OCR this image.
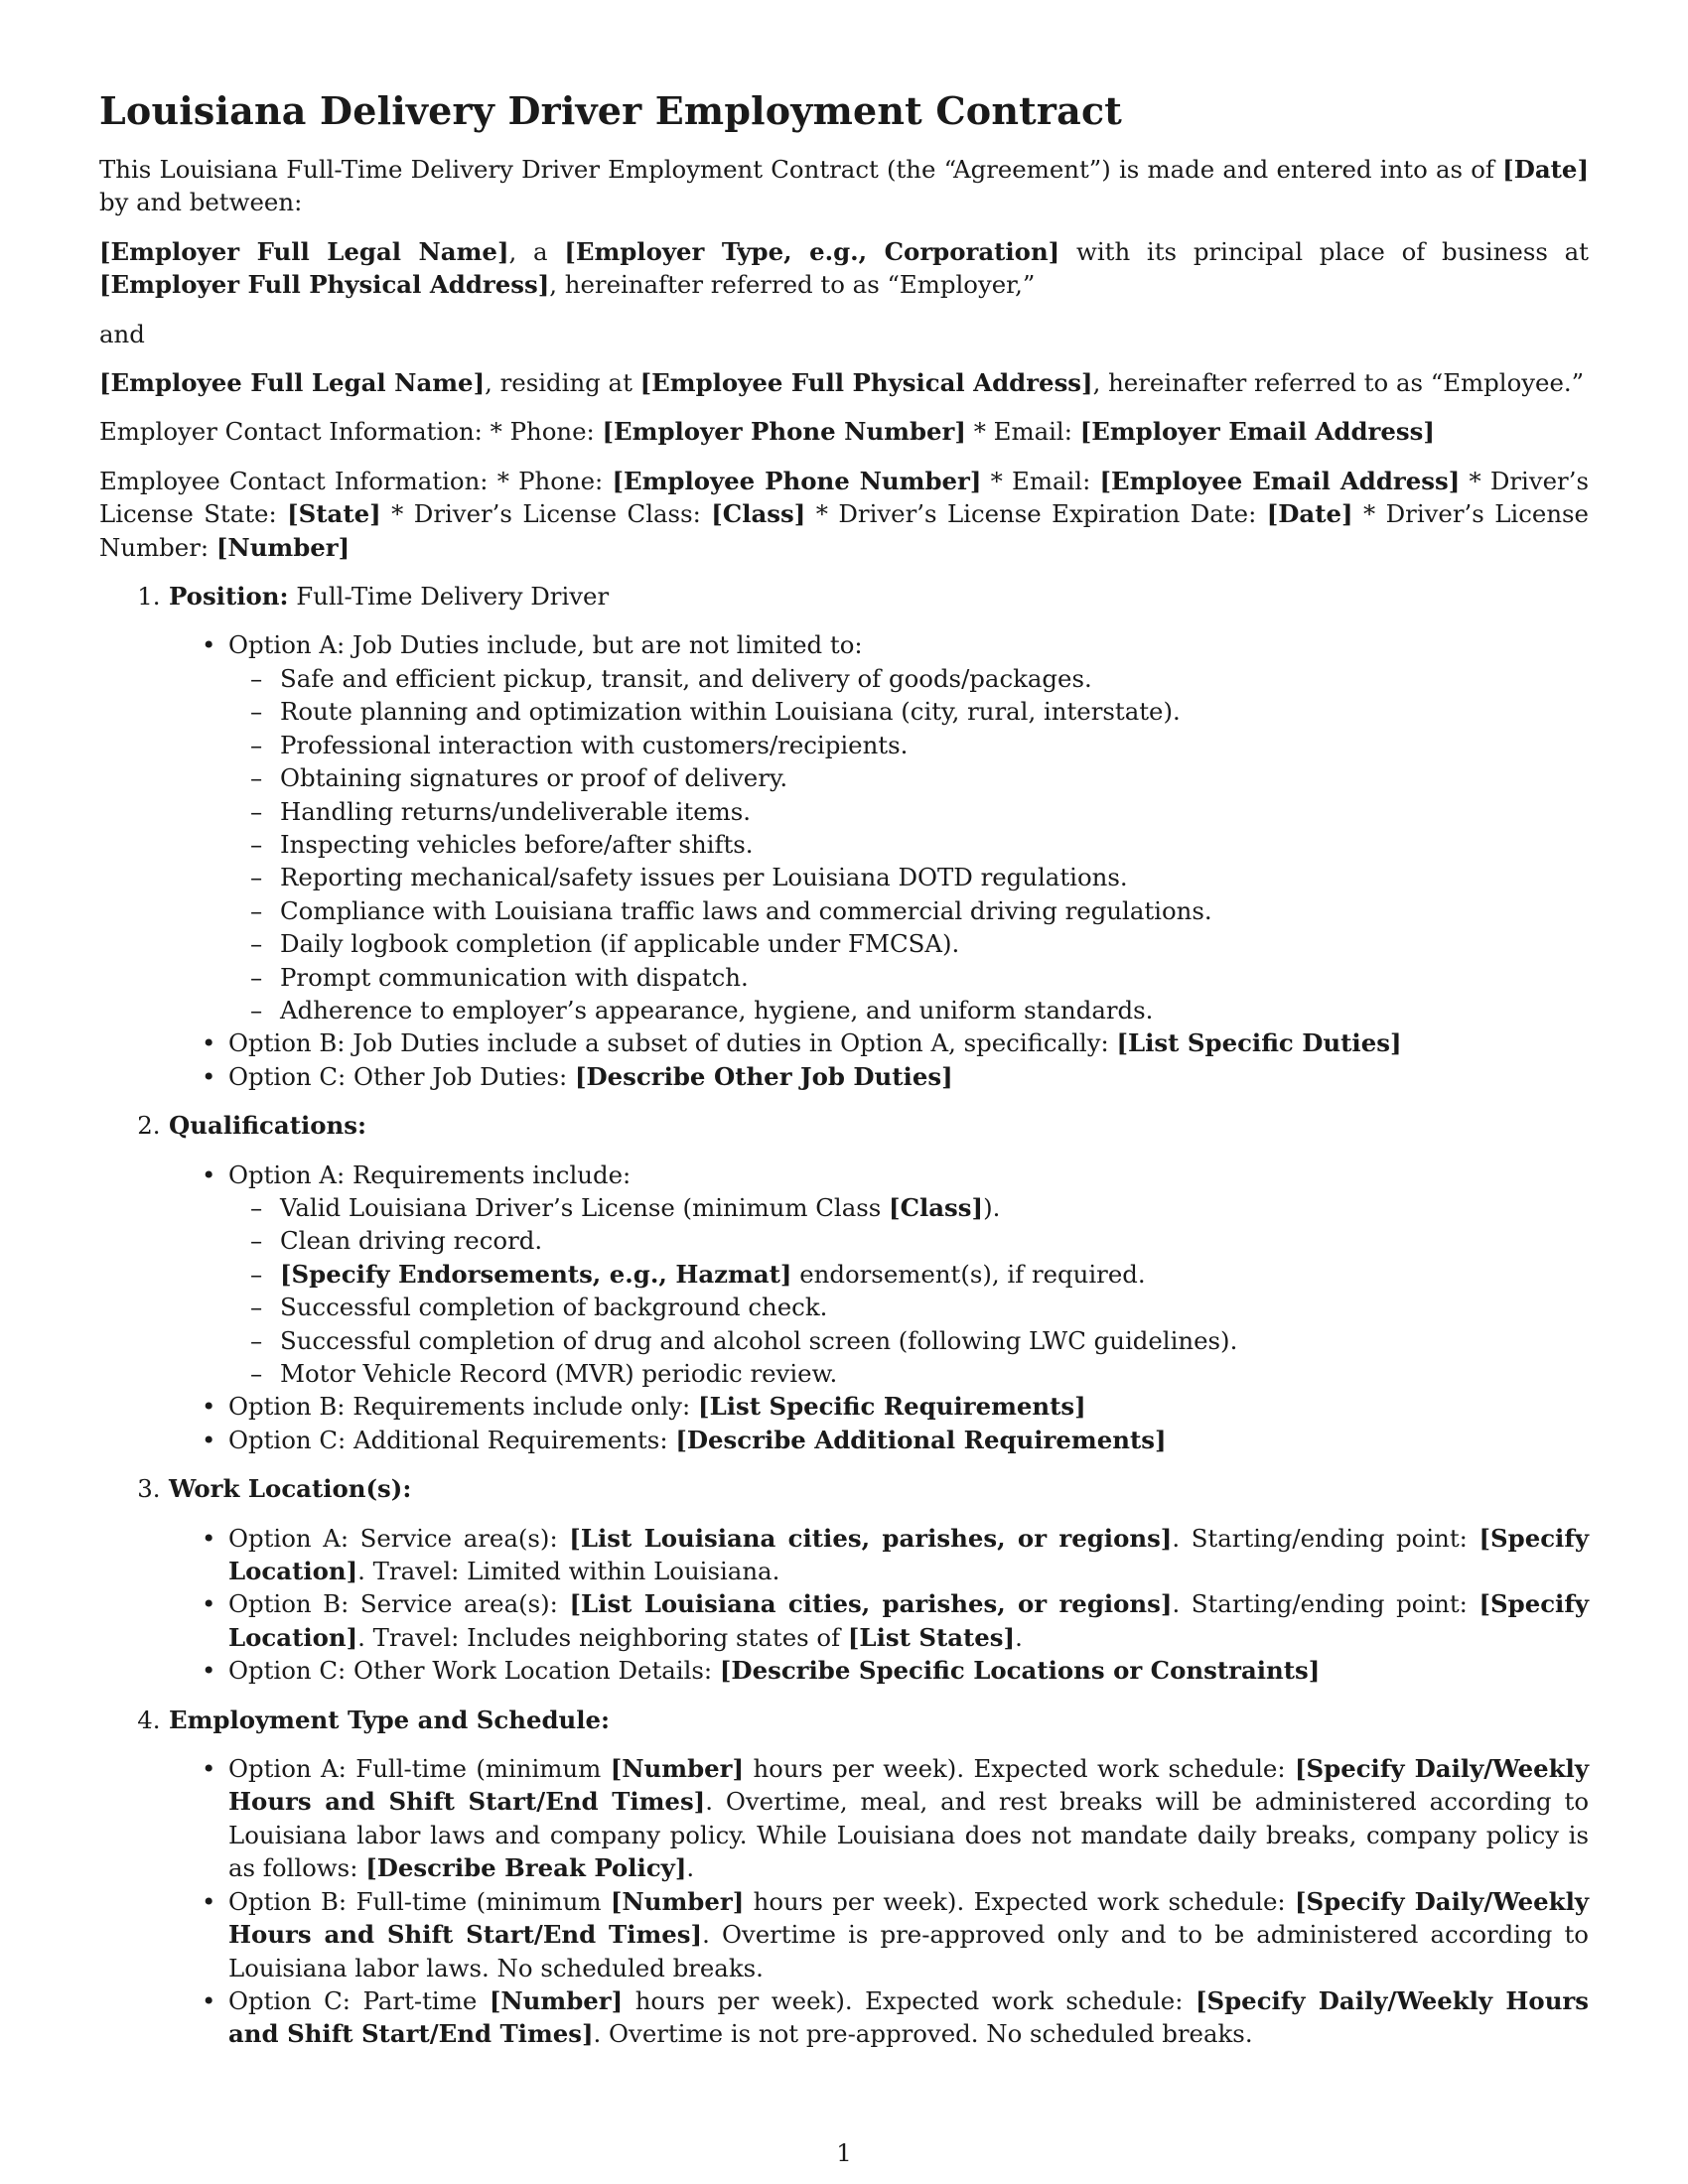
Louisiana Delivery Driver Employment Contract

This Louisiana Full-Time Delivery Driver Employment Contract (the “Agreement”) is made and entered into as of [Date] by and between:

[Employer Full Legal Name], a [Employer Type, e.g., Corporation] with its principal place of business at [Employer Full Physical Address], hereinafter referred to as “Employer,”

and

[Employee Full Legal Name], residing at [Employee Full Physical Address], hereinafter referred to as “Employee.”

Employer Contact Information: * Phone: [Employer Phone Number] * Email: [Employer Email Address]

Employee Contact Information: * Phone: [Employee Phone Number] * Email: [Employee Email Address] * Driver’s License State: [State] * Driver’s License Class: [Class] * Driver’s License Expiration Date: [Date] * Driver’s License Number: [Number]

1. Position: Full-Time Delivery Driver
• Option A: Job Duties include, but are not limited to:
– Safe and efficient pickup, transit, and delivery of goods/packages.
– Route planning and optimization within Louisiana (city, rural, interstate).
– Professional interaction with customers/recipients.
– Obtaining signatures or proof of delivery.
– Handling returns/undeliverable items.
– Inspecting vehicles before/after shifts.
– Reporting mechanical/safety issues per Louisiana DOTD regulations.
– Compliance with Louisiana traffic laws and commercial driving regulations.
– Daily logbook completion (if applicable under FMCSA).
– Prompt communication with dispatch.
– Adherence to employer’s appearance, hygiene, and uniform standards.
• Option B: Job Duties include a subset of duties in Option A, specifically: [List Specific Duties]
• Option C: Other Job Duties: [Describe Other Job Duties]
2. Qualifications:
• Option A: Requirements include:
– Valid Louisiana Driver’s License (minimum Class [Class]).
– Clean driving record.
– [Specify Endorsements, e.g., Hazmat] endorsement(s), if required.
– Successful completion of background check.
– Successful completion of drug and alcohol screen (following LWC guidelines).
– Motor Vehicle Record (MVR) periodic review.
• Option B: Requirements include only: [List Specific Requirements]
• Option C: Additional Requirements: [Describe Additional Requirements]
3. Work Location(s):
• Option A: Service area(s): [List Louisiana cities, parishes, or regions]. Starting/ending point: [Specify Location]. Travel: Limited within Louisiana.
• Option B: Service area(s): [List Louisiana cities, parishes, or regions]. Starting/ending point: [Specify Location]. Travel: Includes neighboring states of [List States].
• Option C: Other Work Location Details: [Describe Specific Locations or Constraints]
4. Employment Type and Schedule:
• Option A: Full-time (minimum [Number] hours per week). Expected work schedule: [Specify Daily/Weekly Hours and Shift Start/End Times]. Overtime, meal, and rest breaks will be administered according to Louisiana labor laws and company policy. While Louisiana does not mandate daily breaks, company policy is as follows: [Describe Break Policy].
• Option B: Full-time (minimum [Number] hours per week). Expected work schedule: [Specify Daily/Weekly Hours and Shift Start/End Times]. Overtime is pre-approved only and to be administered according to Louisiana labor laws. No scheduled breaks.
• Option C: Part-time [Number] hours per week). Expected work schedule: [Specify Daily/Weekly Hours and Shift Start/End Times]. Overtime is not pre-approved. No scheduled breaks.
1
